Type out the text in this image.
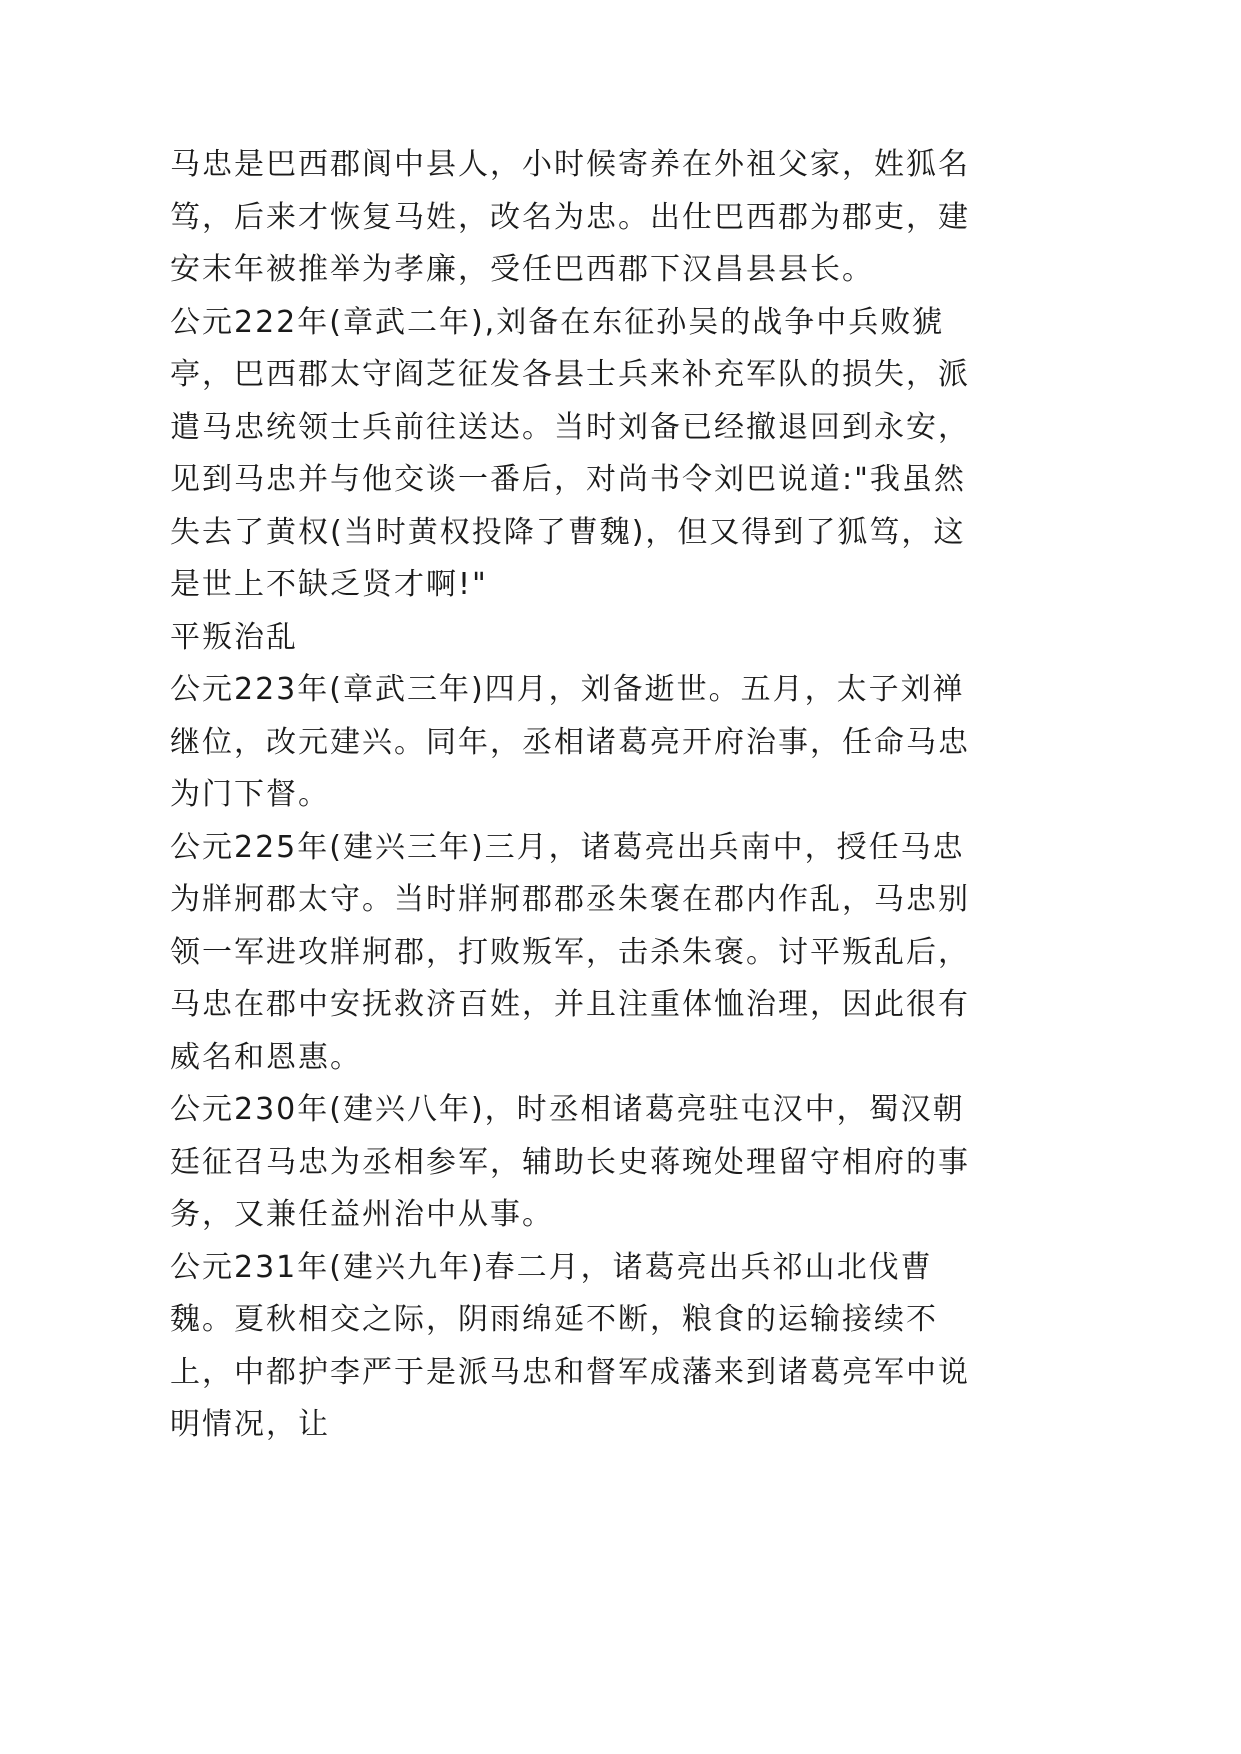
马忠是巴西郡阆中县人，小时候寄养在外祖父家，姓狐名笃，后来才恢复马姓，改名为忠。出仕巴西郡为郡吏，建安末年被推举为孝廉，受任巴西郡下汉昌县县长。

公元222年(章武二年),刘备在东征孙吴的战争中兵败猇亭，巴西郡太守阎芝征发各县士兵来补充军队的损失，派遣马忠统领士兵前往送达。当时刘备已经撤退回到永安，见到马忠并与他交谈一番后，对尚书令刘巴说道:"我虽然失去了黄权(当时黄权投降了曹魏)，但又得到了狐笃，这是世上不缺乏贤才啊!"

平叛治乱

公元223年(章武三年)四月，刘备逝世。五月，太子刘禅继位，改元建兴。同年，丞相诸葛亮开府治事，任命马忠为门下督。

公元225年(建兴三年)三月，诸葛亮出兵南中，授任马忠为牂牁郡太守。当时牂牁郡郡丞朱褒在郡内作乱，马忠别领一军进攻牂牁郡，打败叛军，击杀朱褒。讨平叛乱后，马忠在郡中安抚救济百姓，并且注重体恤治理，因此很有威名和恩惠。

公元230年(建兴八年)，时丞相诸葛亮驻屯汉中，蜀汉朝廷征召马忠为丞相参军，辅助长史蒋琬处理留守相府的事务，又兼任益州治中从事。

公元231年(建兴九年)春二月，诸葛亮出兵祁山北伐曹魏。夏秋相交之际，阴雨绵延不断，粮食的运输接续不上，中都护李严于是派马忠和督军成藩来到诸葛亮军中说明情况，让
